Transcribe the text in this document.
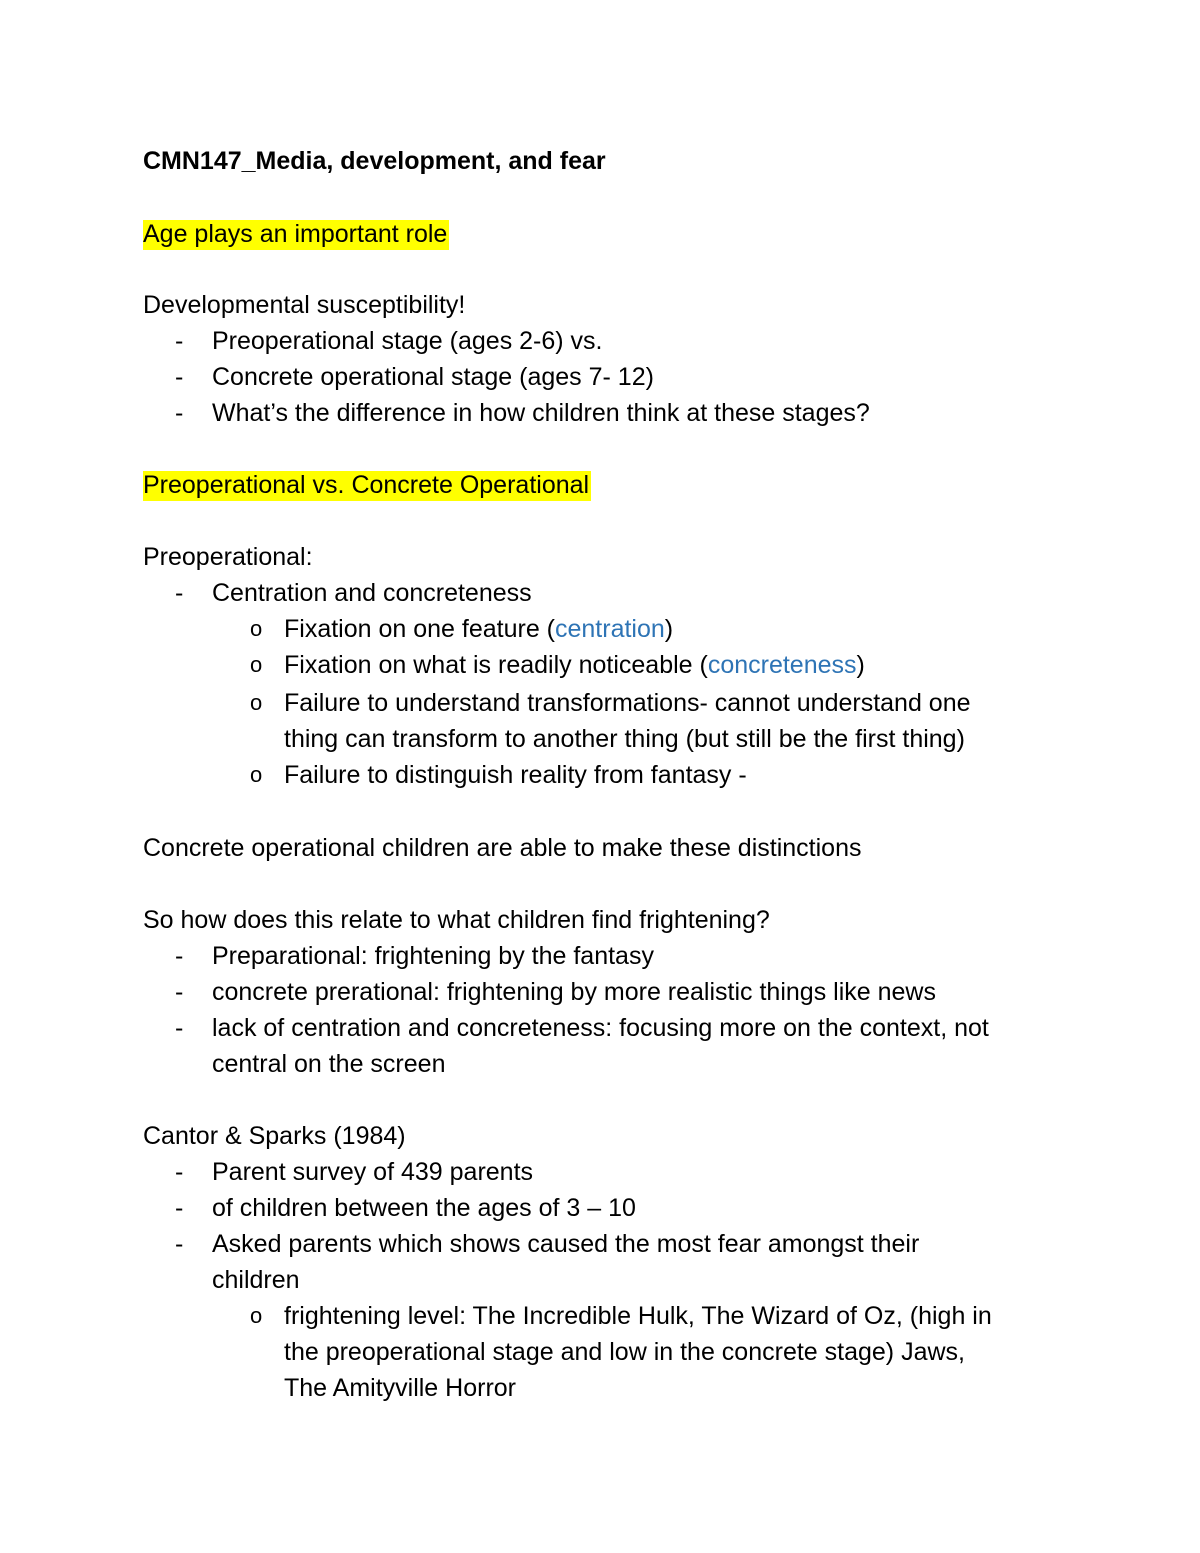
CMN147_Media, development, and fear
Age plays an important role
Developmental susceptibility!
- Preoperational stage (ages 2-6) vs.
- Concrete operational stage (ages 7- 12)
- What’s the difference in how children think at these stages?
Preoperational vs. Concrete Operational
Preoperational:
- Centration and concreteness
o Fixation on one feature (centration)
o Fixation on what is readily noticeable (concreteness)
o Failure to understand transformations- cannot understand one
thing can transform to another thing (but still be the first thing)
o Failure to distinguish reality from fantasy -
Concrete operational children are able to make these distinctions
So how does this relate to what children find frightening?
- Preparational: frightening by the fantasy
- concrete prerational: frightening by more realistic things like news
- lack of centration and concreteness: focusing more on the context, not
central on the screen
Cantor & Sparks (1984)
- Parent survey of 439 parents
- of children between the ages of 3 – 10
- Asked parents which shows caused the most fear amongst their
children
o frightening level: The Incredible Hulk, The Wizard of Oz, (high in
the preoperational stage and low in the concrete stage) Jaws,
The Amityville Horror
